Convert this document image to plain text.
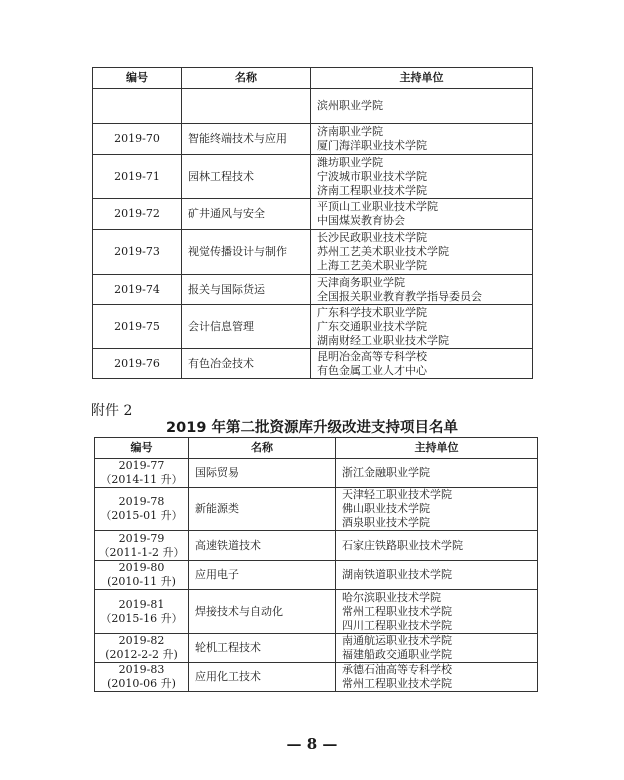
编号	名称	主持单位

		滨州职业学院

2019-70	智能终端技术与应用	济南职业学院
厦门海洋职业技术学院

2019-71	园林工程技术	潍坊职业学院
宁波城市职业技术学院
济南工程职业技术学院

2019-72	矿井通风与安全	平顶山工业职业技术学院
中国煤炭教育协会

2019-73	视觉传播设计与制作	长沙民政职业技术学院
苏州工艺美术职业技术学院
上海工艺美术职业学院

2019-74	报关与国际货运	天津商务职业学院
全国报关职业教育教学指导委员会

2019-75	会计信息管理	广东科学技术职业学院
广东交通职业技术学院
湖南财经工业职业技术学院

2019-76	有色冶金技术	昆明冶金高等专科学校
有色金属工业人才中心
附件 2
2019 年第二批资源库升级改进支持项目名单
编号	名称	主持单位

2019-77
（2014-11 升）	国际贸易	浙江金融职业学院

2019-78
（2015-01 升）	新能源类	天津轻工职业技术学院
佛山职业技术学院
酒泉职业技术学院

2019-79
（2011-1-2 升）	高速铁道技术	石家庄铁路职业技术学院

2019-80
(2010-11 升)	应用电子	湖南铁道职业技术学院

2019-81
（2015-16 升）	焊接技术与自动化	哈尔滨职业技术学院
常州工程职业技术学院
四川工程职业技术学院

2019-82
(2012-2-2 升)	轮机工程技术	南通航运职业技术学院
福建船政交通职业学院

2019-83
(2010-06 升)	应用化工技术	承德石油高等专科学校
常州工程职业技术学院
— 8 —
